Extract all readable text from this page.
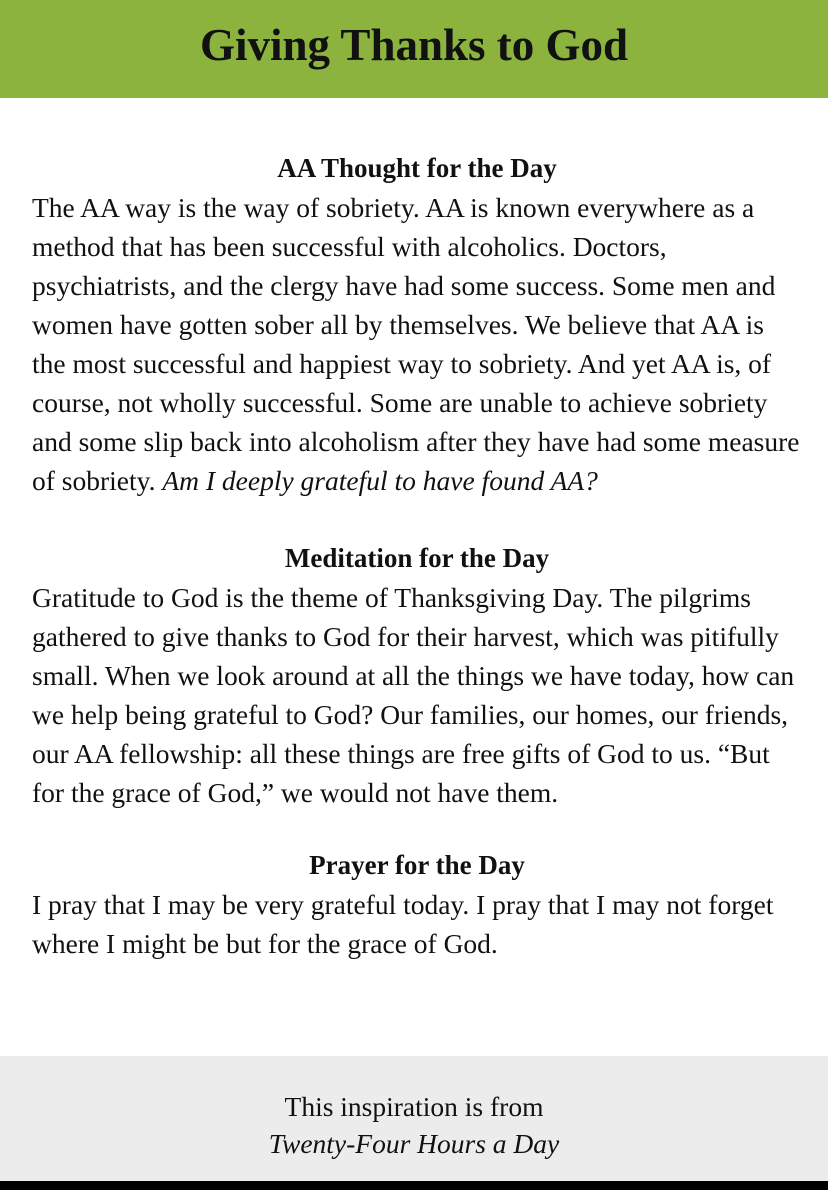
Giving Thanks to God
AA Thought for the Day

The AA way is the way of sobriety. AA is known everywhere as a method that has been successful with alcoholics. Doctors, psychiatrists, and the clergy have had some success. Some men and women have gotten sober all by themselves. We believe that AA is the most successful and happiest way to sobriety. And yet AA is, of course, not wholly successful. Some are unable to achieve sobriety and some slip back into alcoholism after they have had some measure of sobriety. Am I deeply grateful to have found AA?

Meditation for the Day

Gratitude to God is the theme of Thanksgiving Day. The pilgrims gathered to give thanks to God for their harvest, which was pitifully small. When we look around at all the things we have today, how can we help being grateful to God? Our families, our homes, our friends, our AA fellowship: all these things are free gifts of God to us. “But for the grace of God,” we would not have them.

Prayer for the Day

I pray that I may be very grateful today. I pray that I may not forget where I might be but for the grace of God.

This inspiration is from
Twenty-Four Hours a Day
